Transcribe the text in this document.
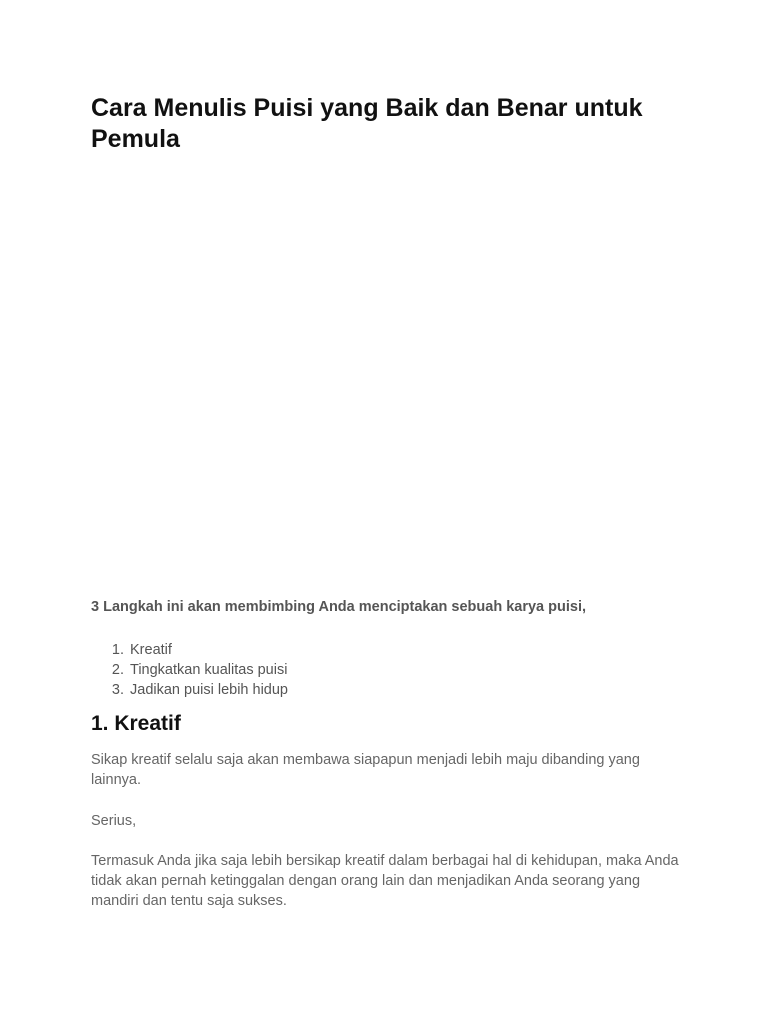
Cara Menulis Puisi yang Baik dan Benar untuk Pemula

3 Langkah ini akan membimbing Anda menciptakan sebuah karya puisi,

1. Kreatif
2. Tingkatkan kualitas puisi
3. Jadikan puisi lebih hidup
1. Kreatif

Sikap kreatif selalu saja akan membawa siapapun menjadi lebih maju dibanding yang lainnya.

Serius,

Termasuk Anda jika saja lebih bersikap kreatif dalam berbagai hal di kehidupan, maka Anda tidak akan pernah ketinggalan dengan orang lain dan menjadikan Anda seorang yang mandiri dan tentu saja sukses.
